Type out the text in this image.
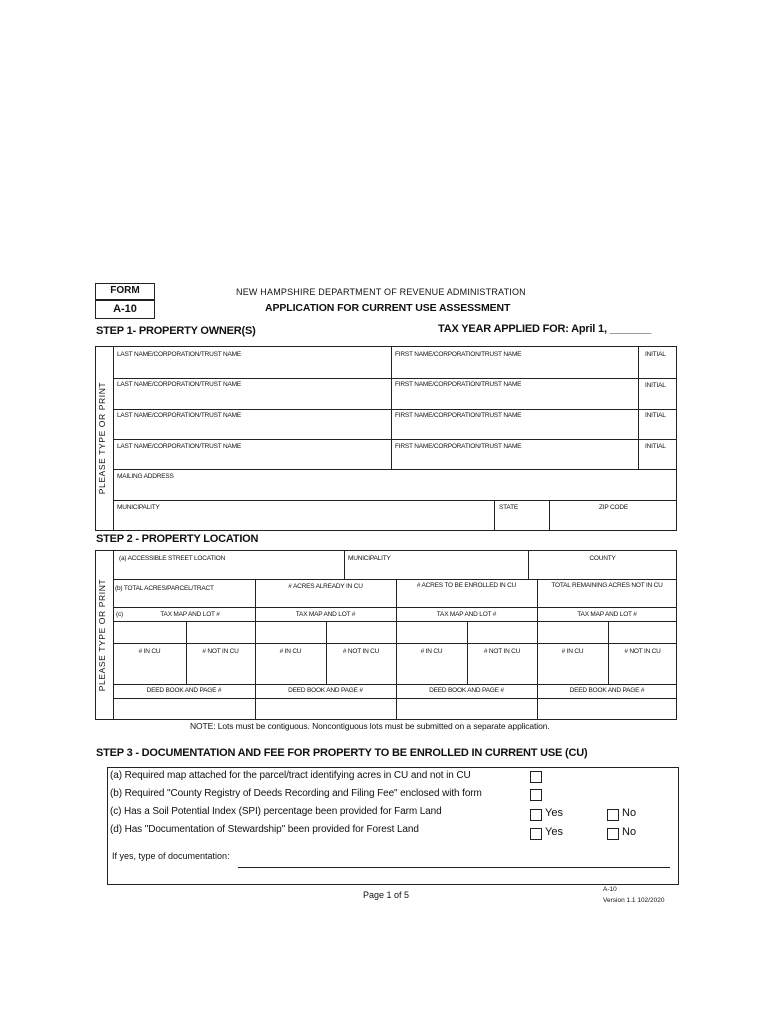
FORM
A-10
NEW HAMPSHIRE DEPARTMENT OF REVENUE ADMINISTRATION
APPLICATION FOR CURRENT USE ASSESSMENT
STEP 1- PROPERTY OWNER(S)	TAX YEAR APPLIED FOR: April 1, _______
PLEASE TYPE OR PRINT
LAST NAME/CORPORATION/TRUST NAME	FIRST NAME/CORPORATION/TRUST NAME	INITIAL
LAST NAME/CORPORATION/TRUST NAME	FIRST NAME/CORPORATION/TRUST NAME	INITIAL
LAST NAME/CORPORATION/TRUST NAME	FIRST NAME/CORPORATION/TRUST NAME	INITIAL
LAST NAME/CORPORATION/TRUST NAME	FIRST NAME/CORPORATION/TRUST NAME	INITIAL
MAILING ADDRESS
MUNICIPALITY	STATE	ZIP CODE
STEP 2 - PROPERTY LOCATION
PLEASE TYPE OR PRINT
(a) ACCESSIBLE STREET LOCATION	MUNICIPALITY	COUNTY
(b) TOTAL ACRES/PARCEL/TRACT	# ACRES ALREADY IN CU	# ACRES TO BE ENROLLED IN CU	TOTAL REMAINING ACRES NOT IN CU
(c)	TAX MAP AND LOT #	TAX MAP AND LOT #	TAX MAP AND LOT #	TAX MAP AND LOT #
# IN CU	# NOT IN CU	# IN CU	# NOT IN CU	# IN CU	# NOT IN CU	# IN CU	# NOT IN CU
DEED BOOK AND PAGE #	DEED BOOK AND PAGE #	DEED BOOK AND PAGE #	DEED BOOK AND PAGE #
NOTE: Lots must be contiguous. Noncontiguous lots must be submitted on a separate application.
STEP 3 - DOCUMENTATION AND FEE FOR PROPERTY TO BE ENROLLED IN CURRENT USE (CU)
(a) Required map attached for the parcel/tract identifying acres in CU and not in CU
(b) Required "County Registry of Deeds Recording and Filing Fee" enclosed with form
(c) Has a Soil Potential Index (SPI) percentage been provided for Farm Land
(d) Has "Documentation of Stewardship" been provided for Forest Land
Yes	No
Yes	No
If yes, type of documentation:
Page 1 of 5
A-10
Version 1.1 102/2020
